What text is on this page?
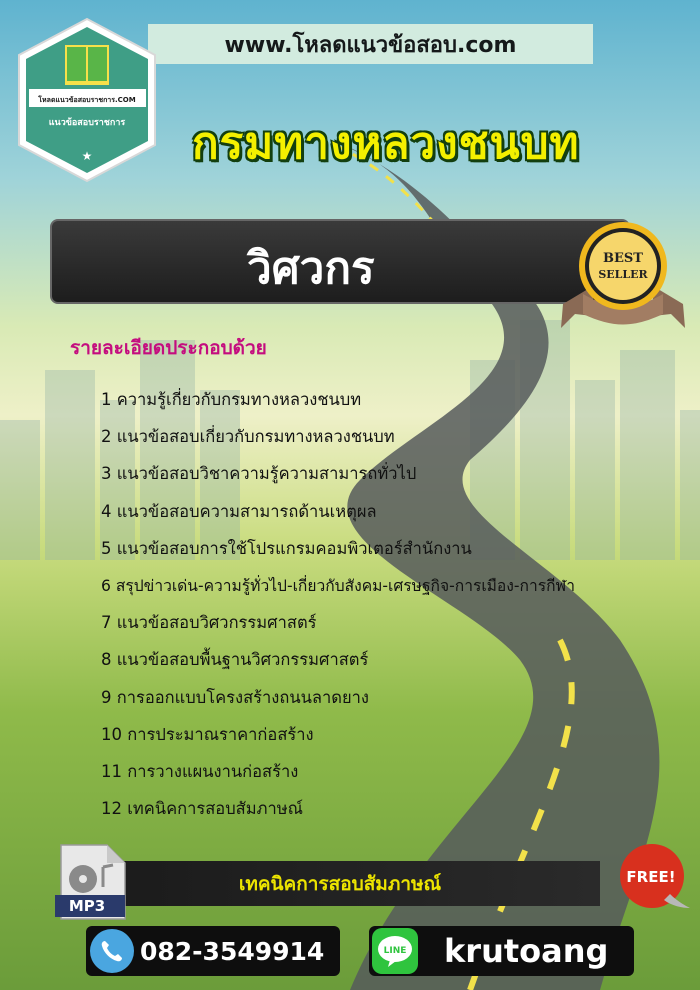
www.โหลดแนวข้อสอบ.com
โหลดแนวข้อสอบราชการ.COM
แนวข้อสอบราชการ
★ กรมทางหลวงชนบท
วิศวกร	BEST
SELLER
รายละเอียดประกอบด้วย
1 ความรู้เกี่ยวกับกรมทางหลวงชนบท
2 แนวข้อสอบเกี่ยวกับกรมทางหลวงชนบท
3 แนวข้อสอบวิชาความรู้ความสามารถทั่วไป
4 แนวข้อสอบความสามารถด้านเหตุผล
5 แนวข้อสอบการใช้โปรแกรมคอมพิวเตอร์สำนักงาน
6 สรุปข่าวเด่น-ความรู้ทั่วไป-เกี่ยวกับสังคม-เศรษฐกิจ-การเมือง-การกีฬา
7 แนวข้อสอบวิศวกรรมศาสตร์
8 แนวข้อสอบพื้นฐานวิศวกรรมศาสตร์
9 การออกแบบโครงสร้างถนนลาดยาง
10 การประมาณราคาก่อสร้าง
11 การวางแผนงานก่อสร้าง
12 เทคนิคการสอบสัมภาษณ์
เทคนิคการสอบสัมภาษณ์
MP3
FREE!
082-3549914	LINE krutoang
